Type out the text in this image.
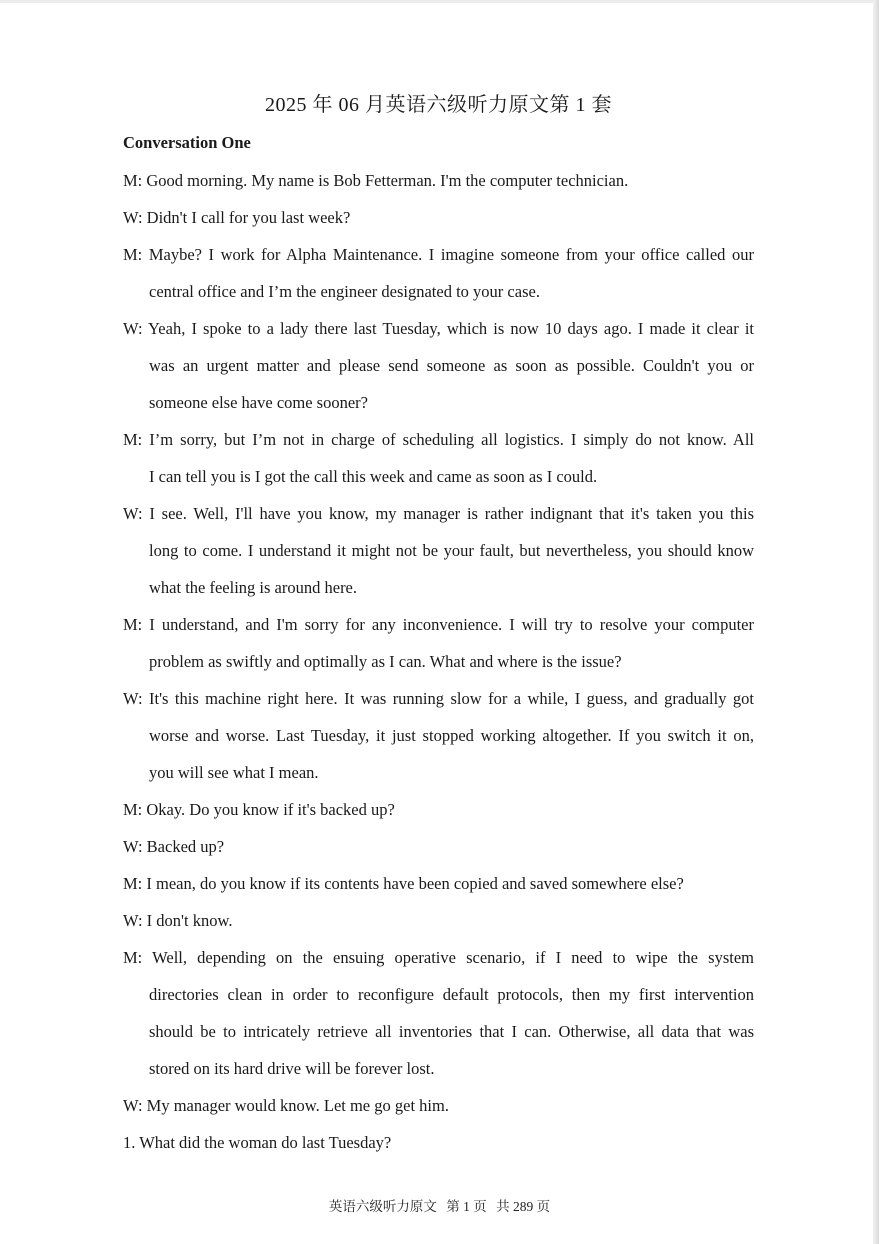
2025 年 06 月英语六级听力原文第 1 套
Conversation One
M: Good morning. My name is Bob Fetterman. I'm the computer technician.
W: Didn't I call for you last week?
M: Maybe? I work for Alpha Maintenance. I imagine someone from your office called our
central office and I’m the engineer designated to your case.
W: Yeah, I spoke to a lady there last Tuesday, which is now 10 days ago. I made it clear it
was an urgent matter and please send someone as soon as possible. Couldn't you or
someone else have come sooner?
M: I’m sorry, but I’m not in charge of scheduling all logistics. I simply do not know. All
I can tell you is I got the call this week and came as soon as I could.
W: I see. Well, I'll have you know, my manager is rather indignant that it's taken you this
long to come. I understand it might not be your fault, but nevertheless, you should know
what the feeling is around here.
M: I understand, and I'm sorry for any inconvenience. I will try to resolve your computer
problem as swiftly and optimally as I can. What and where is the issue?
W: It's this machine right here. It was running slow for a while, I guess, and gradually got
worse and worse. Last Tuesday, it just stopped working altogether. If you switch it on,
you will see what I mean.
M: Okay. Do you know if it's backed up?
W: Backed up?
M: I mean, do you know if its contents have been copied and saved somewhere else?
W: I don't know.
M: Well, depending on the ensuing operative scenario, if I need to wipe the system
directories clean in order to reconfigure default protocols, then my first intervention
should be to intricately retrieve all inventories that I can. Otherwise, all data that was
stored on its hard drive will be forever lost.
W: My manager would know. Let me go get him.
1. What did the woman do last Tuesday?
英语六级听力原文 第 1 页 共 289 页
